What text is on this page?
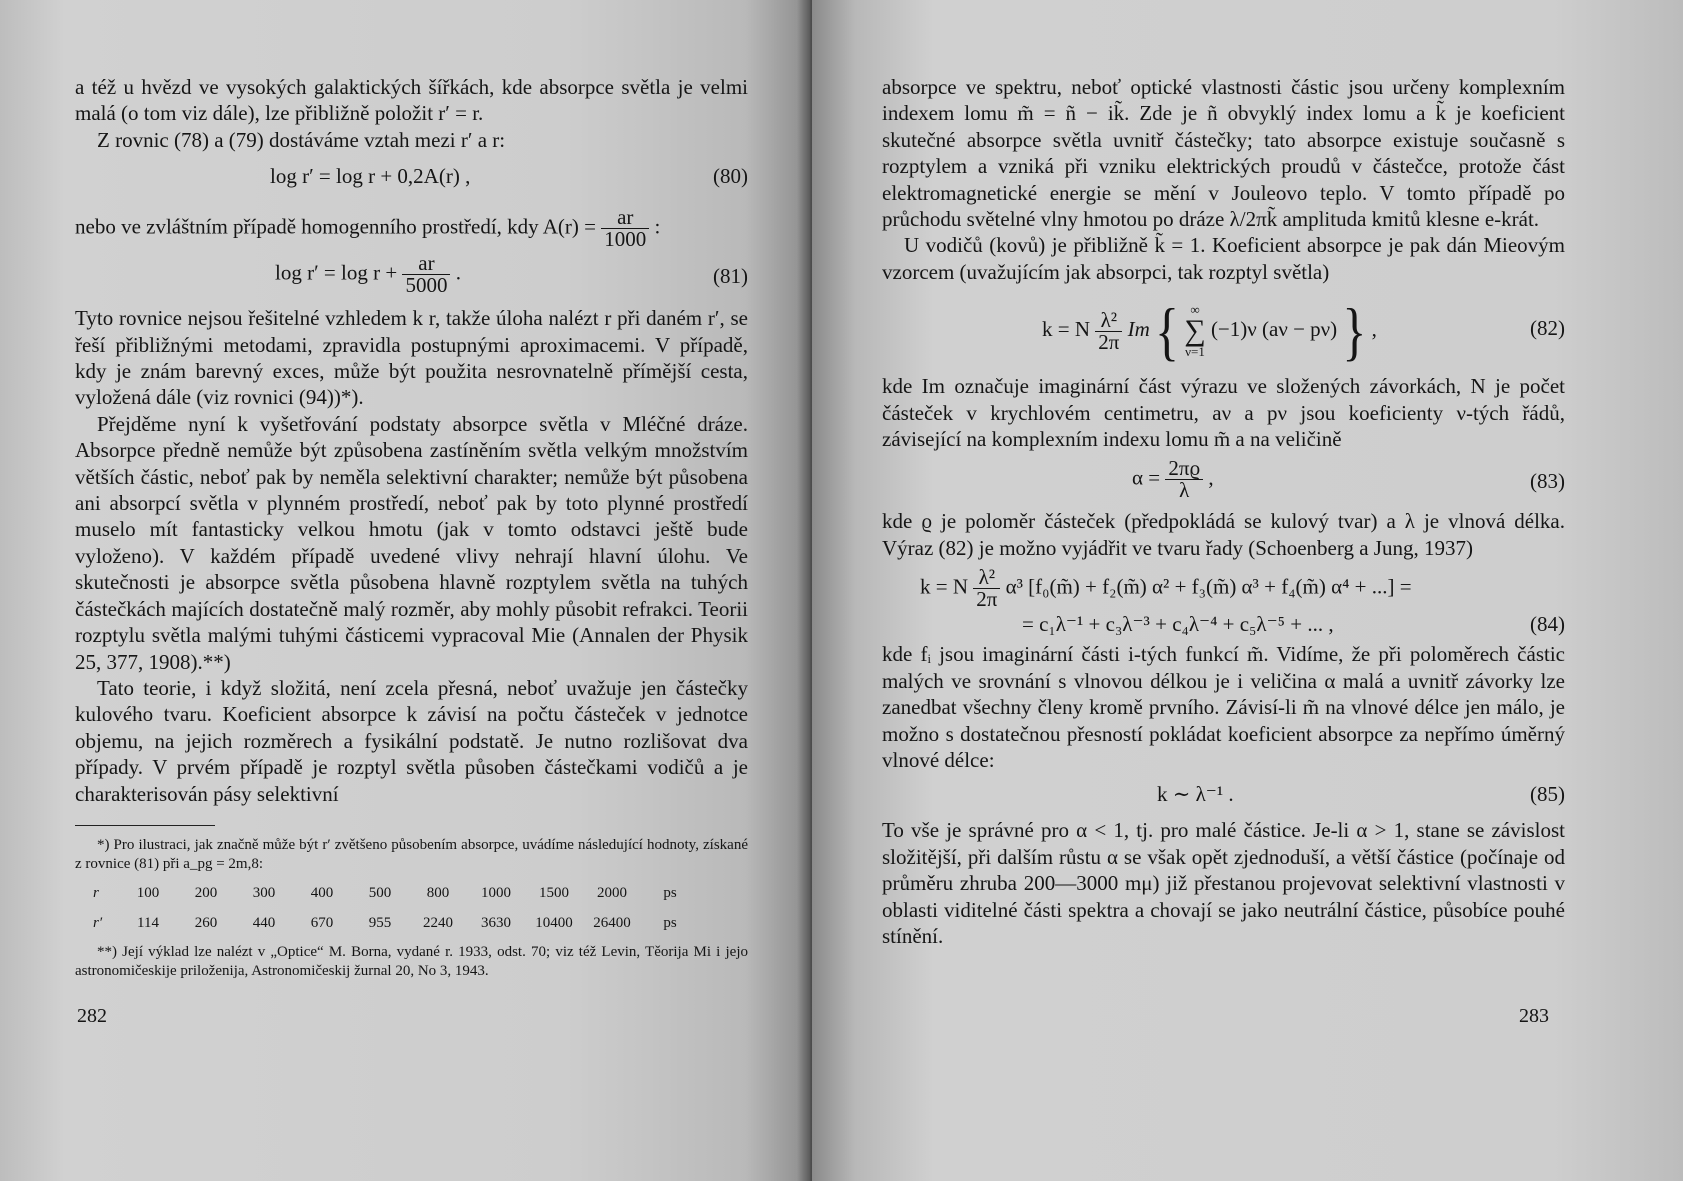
a též u hvězd ve vysokých galaktických šířkách, kde absorpce světla je velmi malá (o tom viz dále), lze přibližně položit r′ = r.

Z rovnic (78) a (79) dostáváme vztah mezi r′ a r:

log r′ = log r + 0,2A(r) ,	(80)
nebo ve zvláštním případě homogenního prostředí, kdy $A(r) = \frac{ar}{1000}$ :
$\log r' = \log r + \frac{ar}{5000}$ .	(81)

Tyto rovnice nejsou řešitelné vzhledem k r, takže úloha nalézt r při daném r′, se řeší přibližnými metodami, zpravidla postupnými aproximacemi. V případě, kdy je znám barevný exces, může být použita nesrovnatelně přímější cesta, vyložená dále (viz rovnici (94))*).

Přejděme nyní k vyšetřování podstaty absorpce světla v Mléčné dráze. Absorpce předně nemůže být způsobena zastíněním světla velkým množstvím větších částic, neboť pak by neměla selektivní charakter; nemůže být působena ani absorpcí světla v plynném prostředí, neboť pak by toto plynné prostředí muselo mít fantasticky velkou hmotu (jak v tomto odstavci ještě bude vyloženo). V každém případě uvedené vlivy nehrají hlavní úlohu. Ve skutečnosti je absorpce světla působena hlavně rozptylem světla na tuhých částečkách majících dostatečně malý rozměr, aby mohly působit refrakci. Teorii rozptylu světla malými tuhými částicemi vypracoval Mie (Annalen der Physik 25, 377, 1908).**)

Tato teorie, i když složitá, není zcela přesná, neboť uvažuje jen částečky kulového tvaru. Koeficient absorpce k závisí na počtu částeček v jednotce objemu, na jejich rozměrech a fysikální podstatě. Je nutno rozlišovat dva případy. V prvém případě je rozptyl světla působen částečkami vodičů a je charakterisován pásy selektivní

*) Pro ilustraci, jak značně může být r′ zvětšeno působením absorpce, uvádíme následující hodnoty, získané z rovnice (81) při a_pg = 2m,8:

r	100	200	300	400	500	800	1000	1500	2000	ps
r′	114	260	440	670	955	2240	3630	10400	26400	ps

**) Její výklad lze nalézt v „Optice“ M. Borna, vydané r. 1933, odst. 70; viz též Levin, Těorija Mi i jejo astronomičeskije priloženija, Astronomičeskij žurnal 20, No 3, 1943.

282

absorpce ve spektru, neboť optické vlastnosti částic jsou určeny komplexním indexem lomu m̃ = ñ − ik̃. Zde je ñ obvyklý index lomu a k̃ je koeficient skutečné absorpce světla uvnitř částečky; tato absorpce existuje současně s rozptylem a vzniká při vzniku elektrických proudů v částečce, protože část elektromagnetické energie se mění v Jouleovo teplo. V tomto případě po průchodu světelné vlny hmotou po dráze λ/2πk̃ amplituda kmitů klesne e-krát.

U vodičů (kovů) je přibližně k̃ = 1. Koeficient absorpce je pak dán Mieovým vzorcem (uvažujícím jak absorpci, tak rozptyl světla)

k = N $\frac{\text{λ²}}{2\pi}$ Im { ∞
∑
ν=1 (−1)ν (aν − pν) } ,	(82)

kde Im označuje imaginární část výrazu ve složených závorkách, N je počet částeček v krychlovém centimetru, aν a pν jsou koeficienty ν-tých řádů, závisející na komplexním indexu lomu m̃ a na veličině

$\alpha = \frac{2\pi ϱ}{\lambda}$ ,	(83)

kde ϱ je poloměr částeček (předpokládá se kulový tvar) a λ je vlnová délka. Výraz (82) je možno vyjádřit ve tvaru řady (Schoenberg a Jung, 1937)

k = N $\frac{\text{λ²}}{2\pi} \alpha^3$ [f₀(m̃) + f₂(m̃) α² + f₃(m̃) α³ + f₄(m̃) α⁴ + ...] =
= c₁λ⁻¹ + c₃λ⁻³ + c₄λ⁻⁴ + c₅λ⁻⁵ + ... ,	(84)

kde fᵢ jsou imaginární části i-tých funkcí m̃. Vidíme, že při poloměrech částic malých ve srovnání s vlnovou délkou je i veličina α malá a uvnitř závorky lze zanedbat všechny členy kromě prvního. Závisí-li m̃ na vlnové délce jen málo, je možno s dostatečnou přesností pokládat koeficient absorpce za nepřímo úměrný vlnové délce:

k ∼ λ⁻¹ .	(85)

To vše je správné pro α < 1, tj. pro malé částice. Je-li α > 1, stane se závislost složitější, při dalším růstu α se však opět zjednoduší, a větší částice (počínaje od průměru zhruba 200—3000 mμ) již přestanou projevovat selektivní vlastnosti v oblasti viditelné části spektra a chovají se jako neutrální částice, působíce pouhé stínění.

283
